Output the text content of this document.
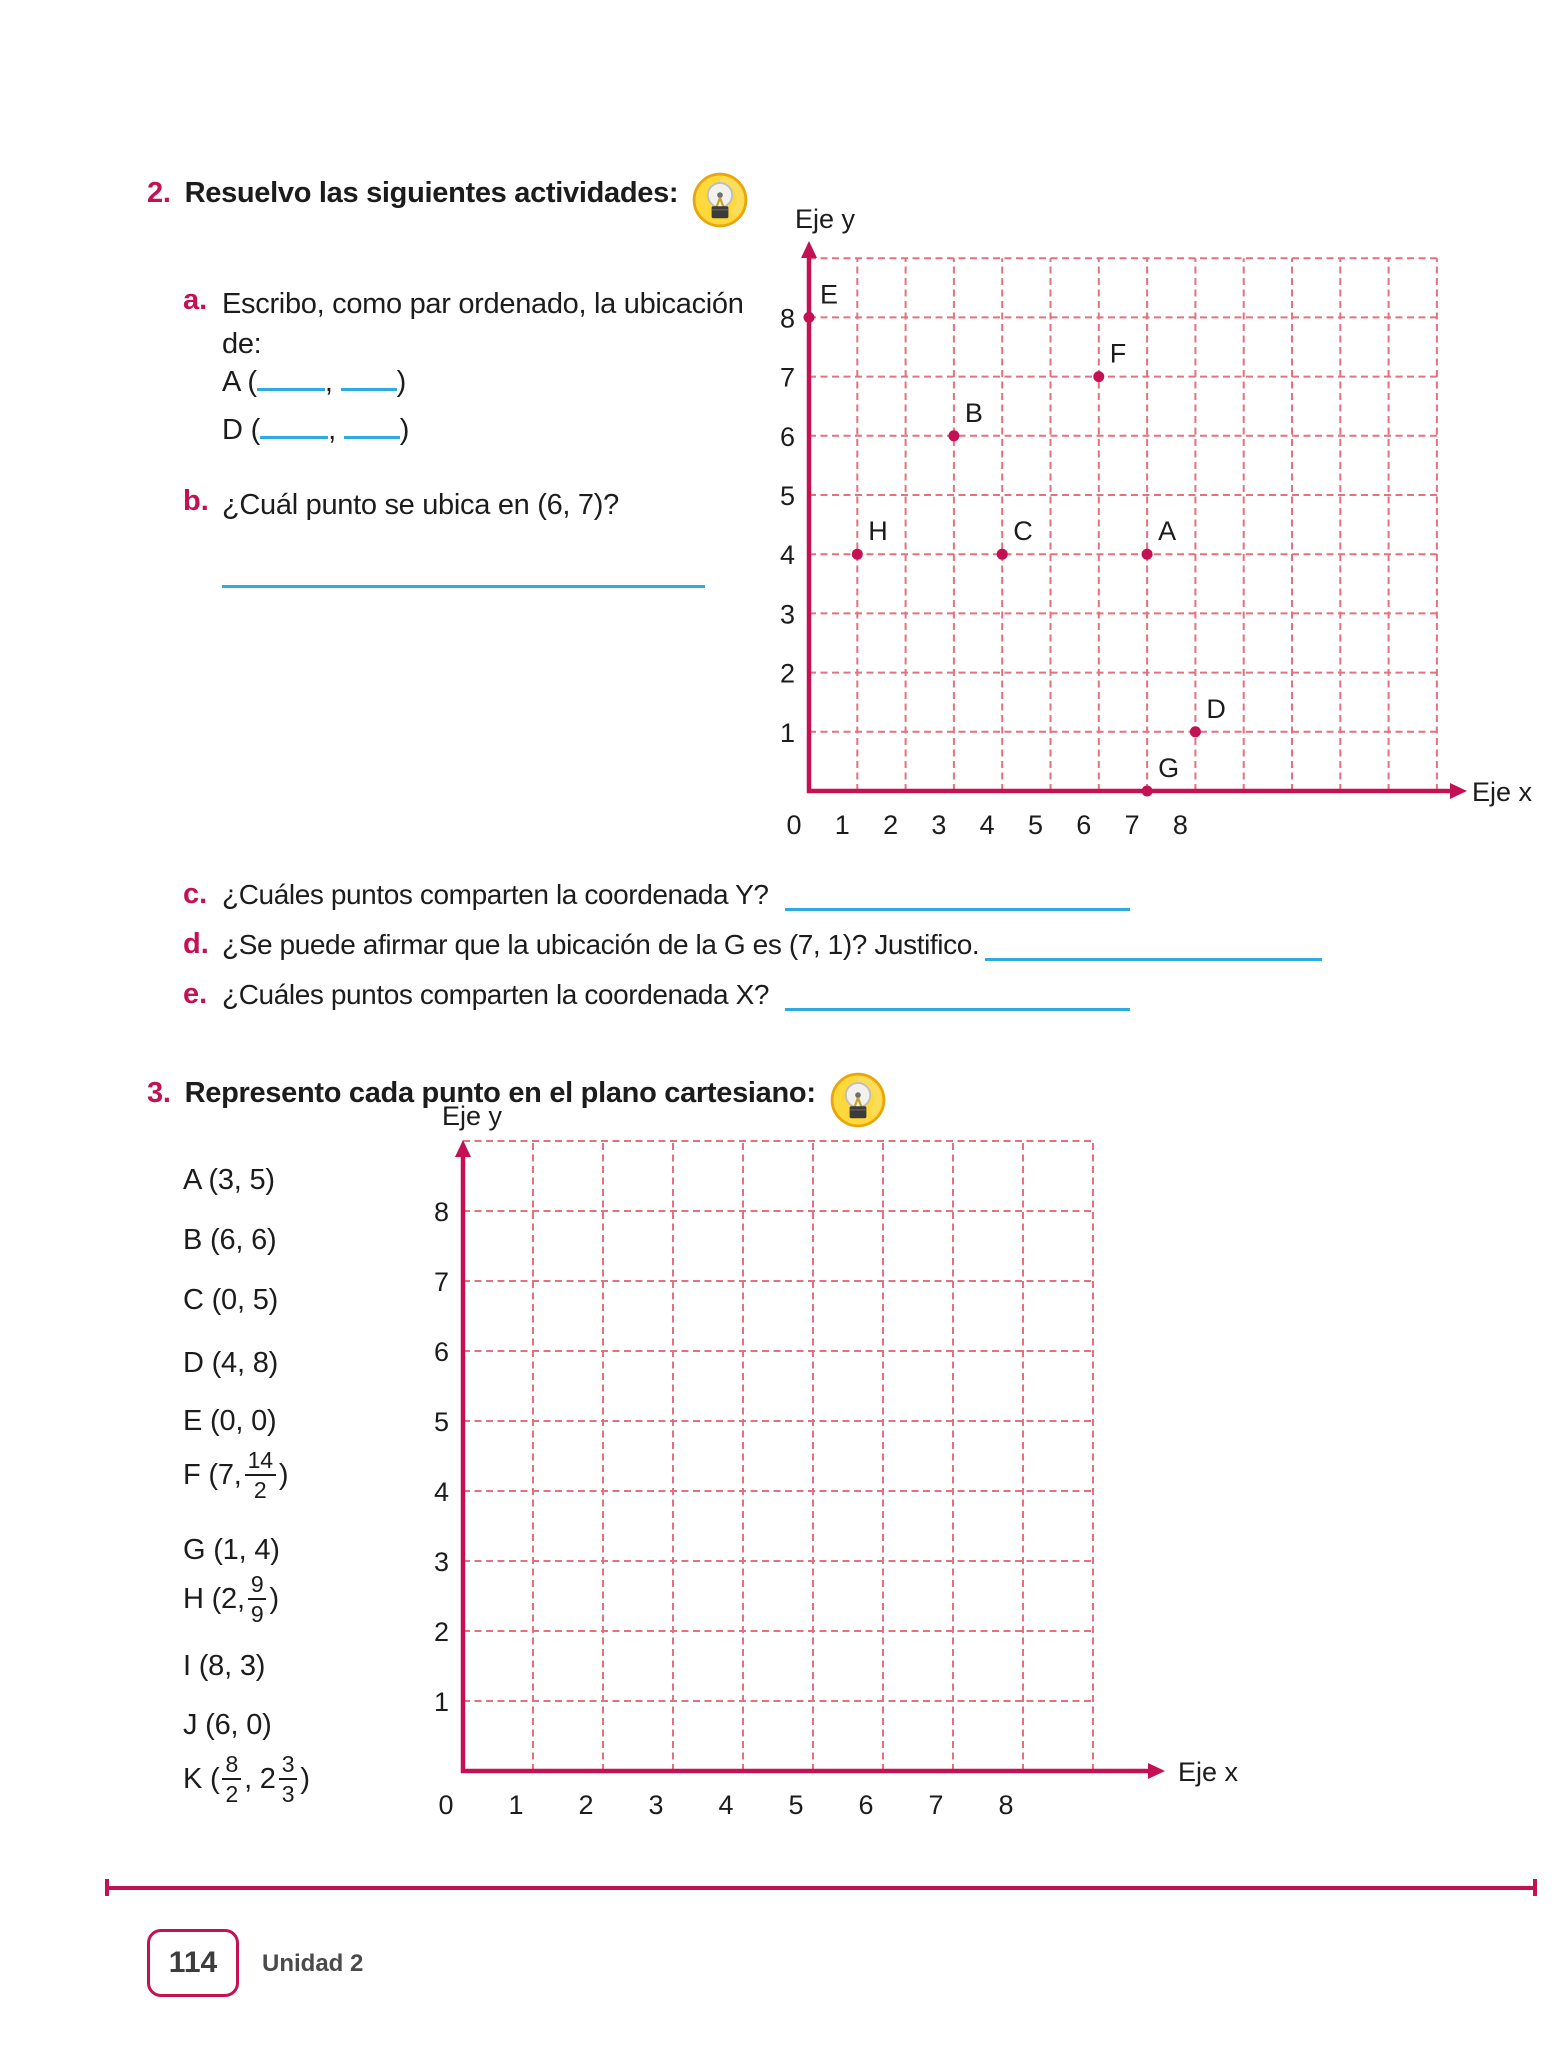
2. Resuelvo las siguientes actividades:
a. Escribo, como par ordenado, la ubicación de:
A ( , )
D ( , )
b. ¿Cuál punto se ubica en (6, 7)?
Eje y
Eje x
0 1 2 3 4 5 6 7 8
1
2
3
4
5
6
7
8
E
F
B
H	C	A
D
G
c. ¿Cuáles puntos comparten la coordenada Y?
d. ¿Se puede afirmar que la ubicación de la G es (7, 1)? Justifico.
e. ¿Cuáles puntos comparten la coordenada X?
3. Represento cada punto en el plano cartesiano:
A (3, 5)
B (6, 6)
C (0, 5)
D (4, 8)
E (0, 0)
F (7, $\frac{14}{2}$ )
G (1, 4)
H (2, $\frac{9}{9}$ )
I (8, 3)
J (6, 0)
K ( $\frac{8}{2}$ , $2 \frac{3}{3}$ )
Eje y
Eje x
0 1 2 3 4 5 6 7 8
1
2
3
4
5
6
7
8
114 Unidad 2
